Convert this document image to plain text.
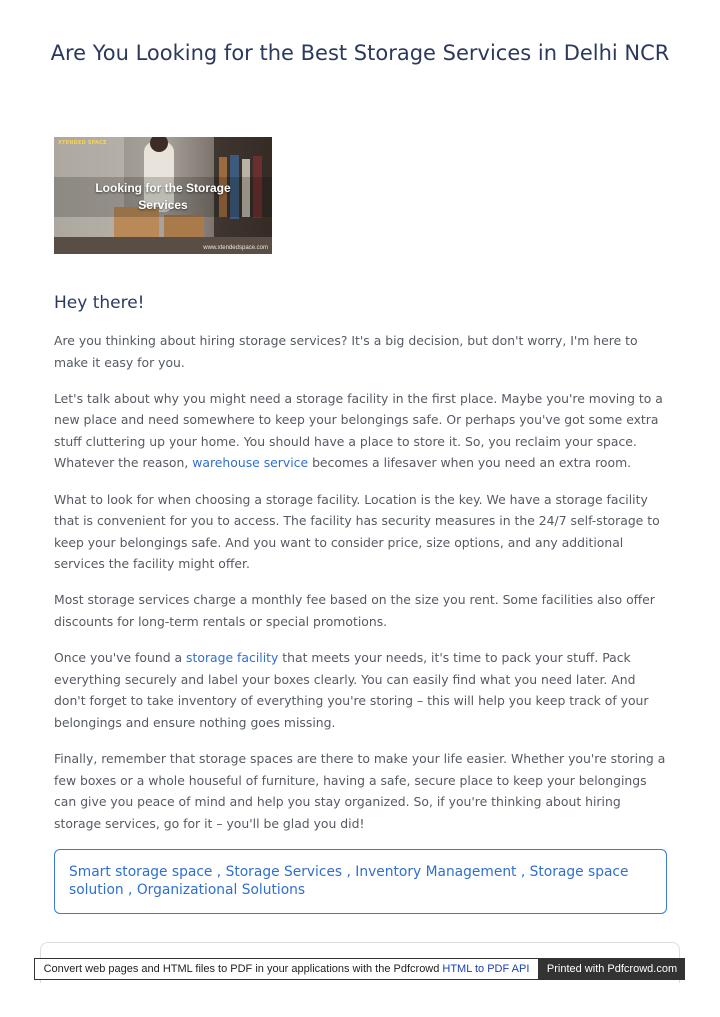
Are You Looking for the Best Storage Services in Delhi NCR
XTENDED SPACE
Looking for the Storage Services
www.xtendedspace.com
Hey there!

Are you thinking about hiring storage services? It's a big decision, but don't worry, I'm here to make it easy for you.

Let's talk about why you might need a storage facility in the first place. Maybe you're moving to a new place and need somewhere to keep your belongings safe. Or perhaps you've got some extra stuff cluttering up your home. You should have a place to store it. So, you reclaim your space. Whatever the reason, warehouse service becomes a lifesaver when you need an extra room.

What to look for when choosing a storage facility. Location is the key. We have a storage facility that is convenient for you to access. The facility has security measures in the 24/7 self-storage to keep your belongings safe. And you want to consider price, size options, and any additional services the facility might offer.

Most storage services charge a monthly fee based on the size you rent. Some facilities also offer discounts for long-term rentals or special promotions.

Once you've found a storage facility that meets your needs, it's time to pack your stuff. Pack everything securely and label your boxes clearly. You can easily find what you need later. And don't forget to take inventory of everything you're storing – this will help you keep track of your belongings and ensure nothing goes missing.

Finally, remember that storage spaces are there to make your life easier. Whether you're storing a few boxes or a whole houseful of furniture, having a safe, secure place to keep your belongings can give you peace of mind and help you stay organized. So, if you're thinking about hiring storage services, go for it – you'll be glad you did!

Smart storage space , Storage Services , Inventory Management , Storage space solution , Organizational Solutions
Convert web pages and HTML files to PDF in your applications with the Pdfcrowd HTML to PDF API	Printed with Pdfcrowd.com
